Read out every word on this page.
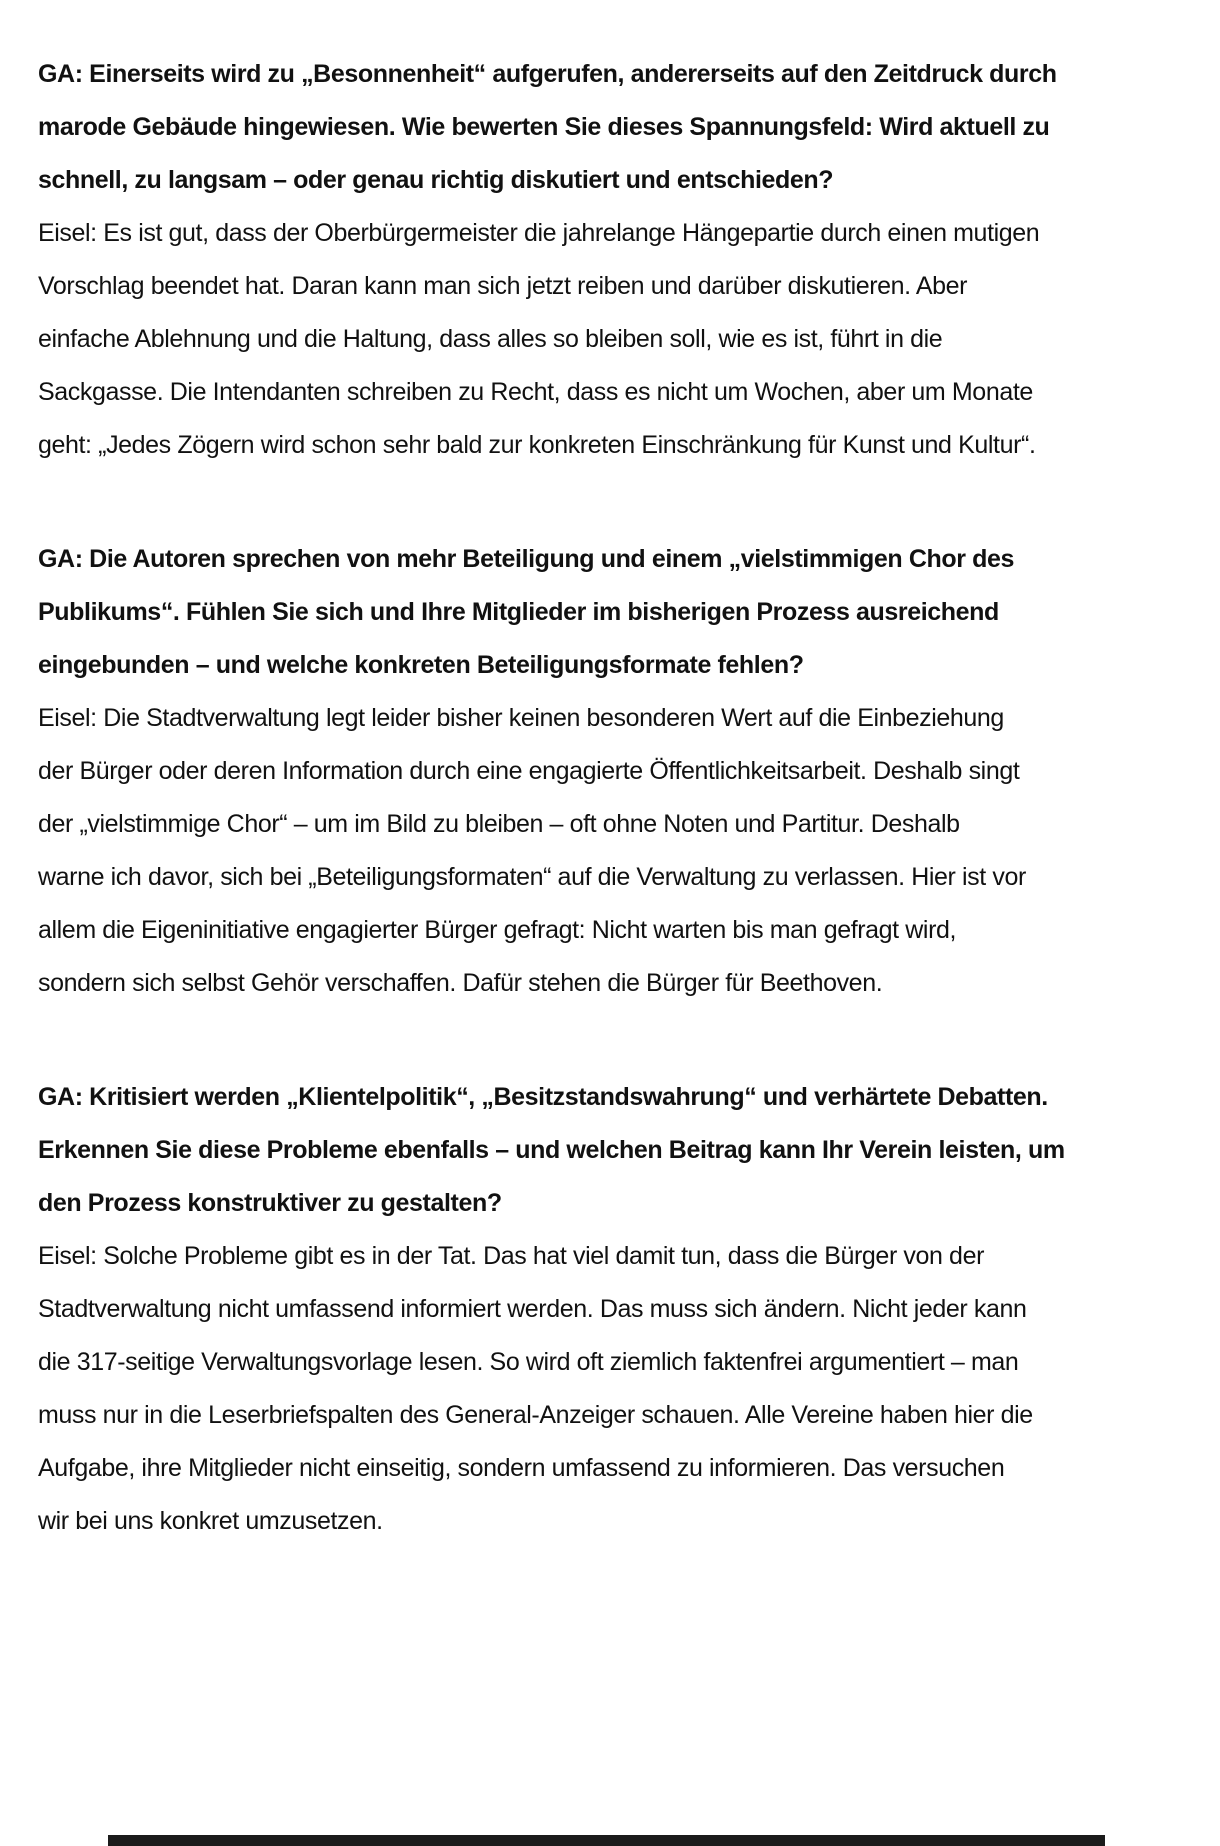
GA: Einerseits wird zu „Besonnenheit“ aufgerufen, andererseits auf den Zeitdruck durch
marode Gebäude hingewiesen. Wie bewerten Sie dieses Spannungsfeld: Wird aktuell zu
schnell, zu langsam – oder genau richtig diskutiert und entschieden?
Eisel: Es ist gut, dass der Oberbürgermeister die jahrelange Hängepartie durch einen mutigen
Vorschlag beendet hat. Daran kann man sich jetzt reiben und darüber diskutieren. Aber
einfache Ablehnung und die Haltung, dass alles so bleiben soll, wie es ist, führt in die
Sackgasse. Die Intendanten schreiben zu Recht, dass es nicht um Wochen, aber um Monate
geht: „Jedes Zögern wird schon sehr bald zur konkreten Einschränkung für Kunst und Kultur“.
GA: Die Autoren sprechen von mehr Beteiligung und einem „vielstimmigen Chor des
Publikums“. Fühlen Sie sich und Ihre Mitglieder im bisherigen Prozess ausreichend
eingebunden – und welche konkreten Beteiligungsformate fehlen?
Eisel: Die Stadtverwaltung legt leider bisher keinen besonderen Wert auf die Einbeziehung
der Bürger oder deren Information durch eine engagierte Öffentlichkeitsarbeit. Deshalb singt
der „vielstimmige Chor“ – um im Bild zu bleiben – oft ohne Noten und Partitur. Deshalb
warne ich davor, sich bei „Beteiligungsformaten“ auf die Verwaltung zu verlassen. Hier ist vor
allem die Eigeninitiative engagierter Bürger gefragt: Nicht warten bis man gefragt wird,
sondern sich selbst Gehör verschaffen. Dafür stehen die Bürger für Beethoven.
GA: Kritisiert werden „Klientelpolitik“, „Besitzstandswahrung“ und verhärtete Debatten.
Erkennen Sie diese Probleme ebenfalls – und welchen Beitrag kann Ihr Verein leisten, um
den Prozess konstruktiver zu gestalten?
Eisel: Solche Probleme gibt es in der Tat. Das hat viel damit tun, dass die Bürger von der
Stadtverwaltung nicht umfassend informiert werden. Das muss sich ändern. Nicht jeder kann
die 317-seitige Verwaltungsvorlage lesen. So wird oft ziemlich faktenfrei argumentiert – man
muss nur in die Leserbriefspalten des General-Anzeiger schauen. Alle Vereine haben hier die
Aufgabe, ihre Mitglieder nicht einseitig, sondern umfassend zu informieren. Das versuchen
wir bei uns konkret umzusetzen.
